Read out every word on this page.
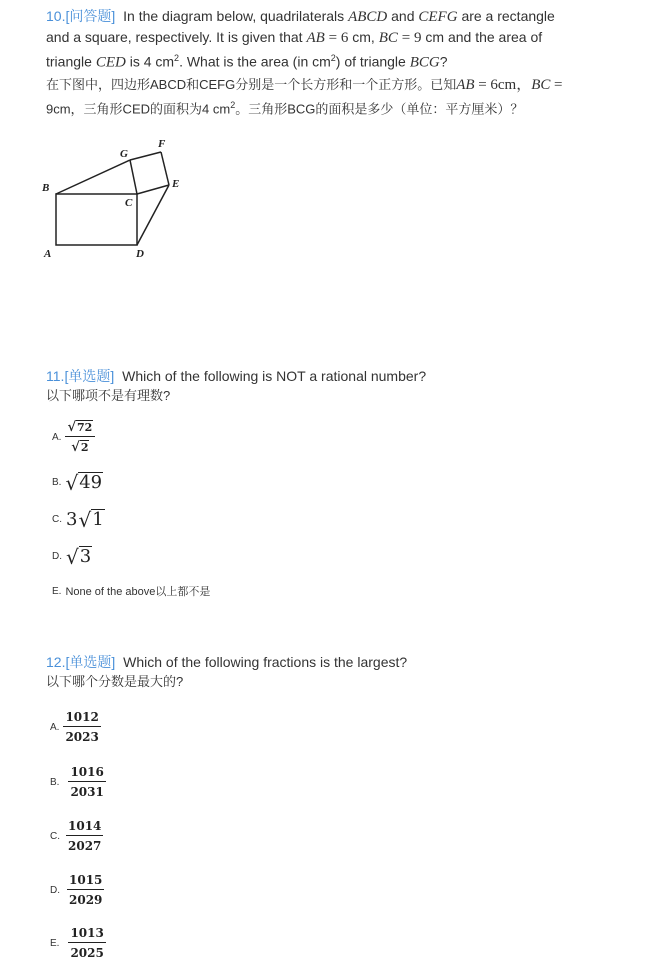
10.[问答题] In the diagram below, quadrilaterals ABCD and CEFG are a rectangle
and a square, respectively. It is given that AB = 6 cm, BC = 9 cm and the area of
triangle CED is 4 $cm^2$. What is the area (in $cm^2$) of triangle BCG?
在下图中，四边形ABCD和CEFG分别是一个长方形和一个正方形。已知AB = 6cm，BC =
9cm，三角形CED的面积为4 $cm^2$。三角形BCG的面积是多少（单位：平方厘米）？
B
A	D
C
G
F
E
11.[单选题] Which of the following is NOT a rational number?
以下哪项不是有理数?
A. $\frac{√ 72}{√ 2}$
B. √ 49
C. 3 √ 1
D. √ 3
E. None of the above以上都不是
12.[单选题] Which of the following fractions is the largest?
以下哪个分数是最大的?
A. $\frac{1012}{2023}$
B. $\frac{1016}{2031}$
C. $\frac{1014}{2027}$
D. $\frac{1015}{2029}$
E. $\frac{1013}{2025}$
